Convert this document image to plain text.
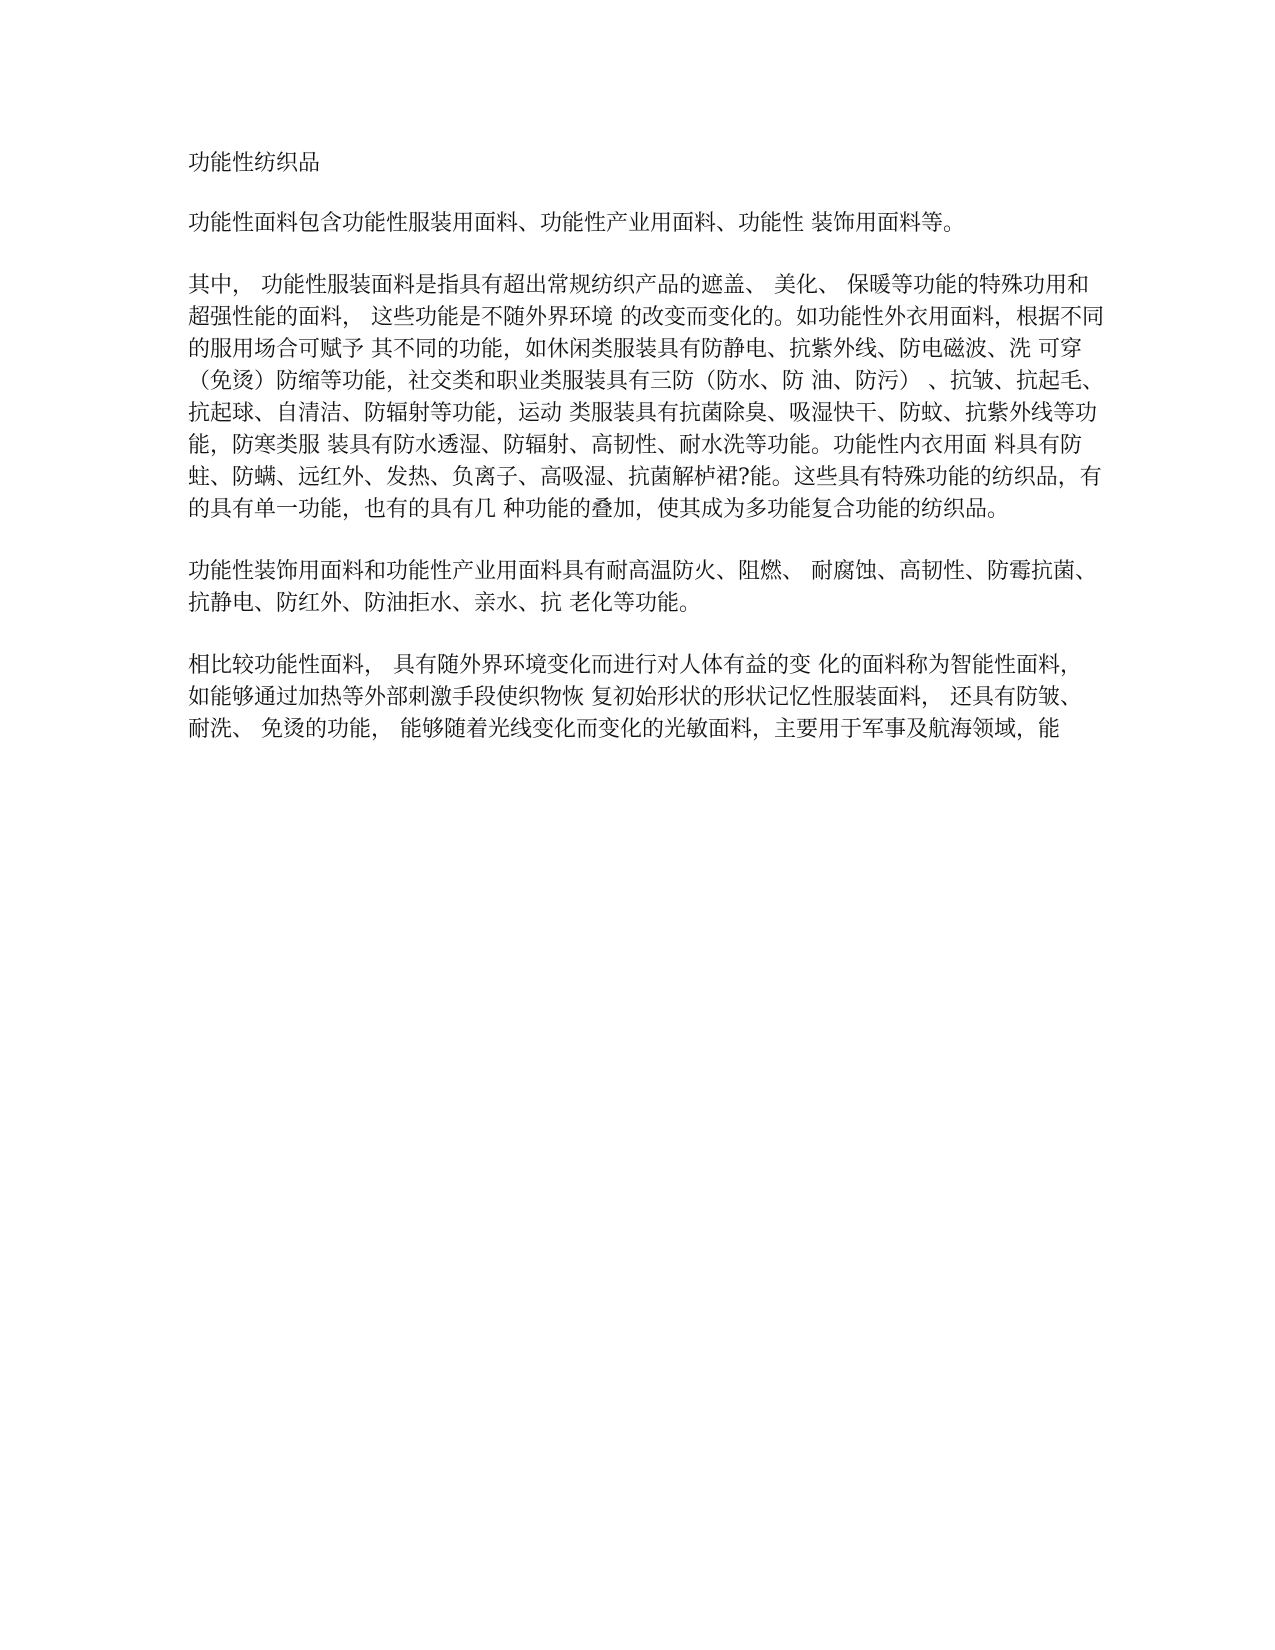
功能性纺织品

功能性面料包含功能性服装用面料、功能性产业用面料、功能性 装饰用面料等。

其中， 功能性服装面料是指具有超出常规纺织产品的遮盖、 美化、 保暖等功能的特殊功用和超强性能的面料， 这些功能是不随外界环境 的改变而变化的。如功能性外衣用面料，根据不同的服用场合可赋予 其不同的功能，如休闲类服装具有防静电、抗紫外线、防电磁波、洗 可穿（免烫）防缩等功能，社交类和职业类服装具有三防（防水、防 油、防污） 、抗皱、抗起毛、抗起球、自清洁、防辐射等功能，运动 类服装具有抗菌除臭、吸湿快干、防蚊、抗紫外线等功能，防寒类服 装具有防水透湿、防辐射、高韧性、耐水洗等功能。功能性内衣用面 料具有防蛀、防螨、远红外、发热、负离子、高吸湿、抗菌解栌裙?能。这些具有特殊功能的纺织品，有的具有单一功能，也有的具有几 种功能的叠加，使其成为多功能复合功能的纺织品。

功能性装饰用面料和功能性产业用面料具有耐高温防火、阻燃、 耐腐蚀、高韧性、防霉抗菌、抗静电、防红外、防油拒水、亲水、抗 老化等功能。

相比较功能性面料， 具有随外界环境变化而进行对人体有益的变 化的面料称为智能性面料， 如能够通过加热等外部刺激手段使织物恢 复初始形状的形状记忆性服装面料， 还具有防皱、 耐洗、 免烫的功能， 能够随着光线变化而变化的光敏面料，主要用于军事及航海领域，能
